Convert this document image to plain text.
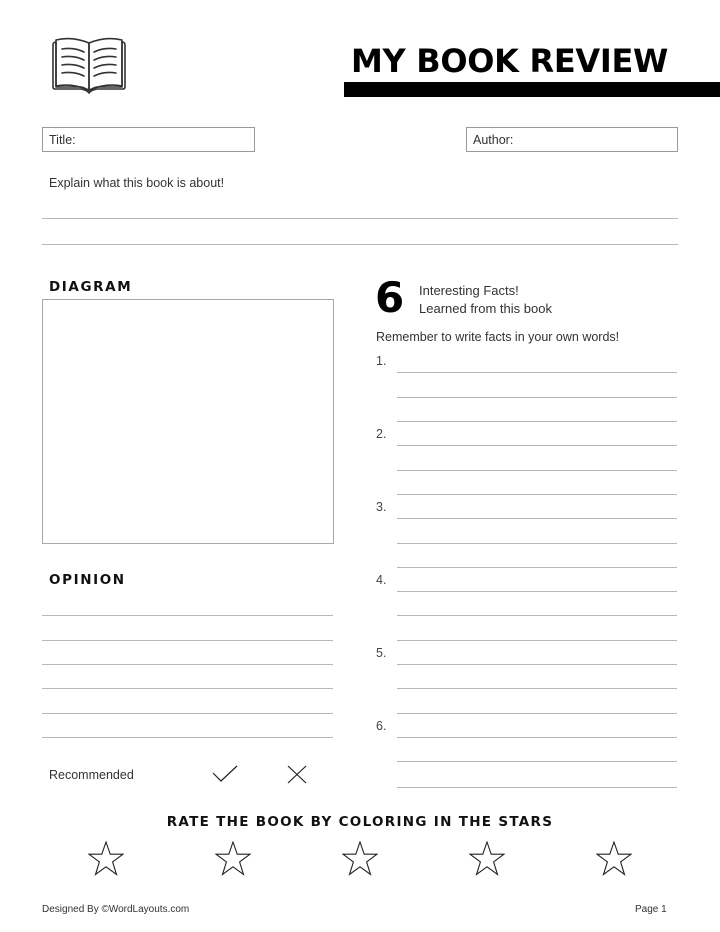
MY BOOK REVIEW
Title:	Author:
Explain what this book is about!
DIAGRAM
OPINION
Recommended
6 Interesting Facts!
Learned from this book
Remember to write facts in your own words!
1.
2.
3.
4.
5.
6.
RATE THE BOOK BY COLORING IN THE STARS
Designed By ©WordLayouts.com	Page 1
